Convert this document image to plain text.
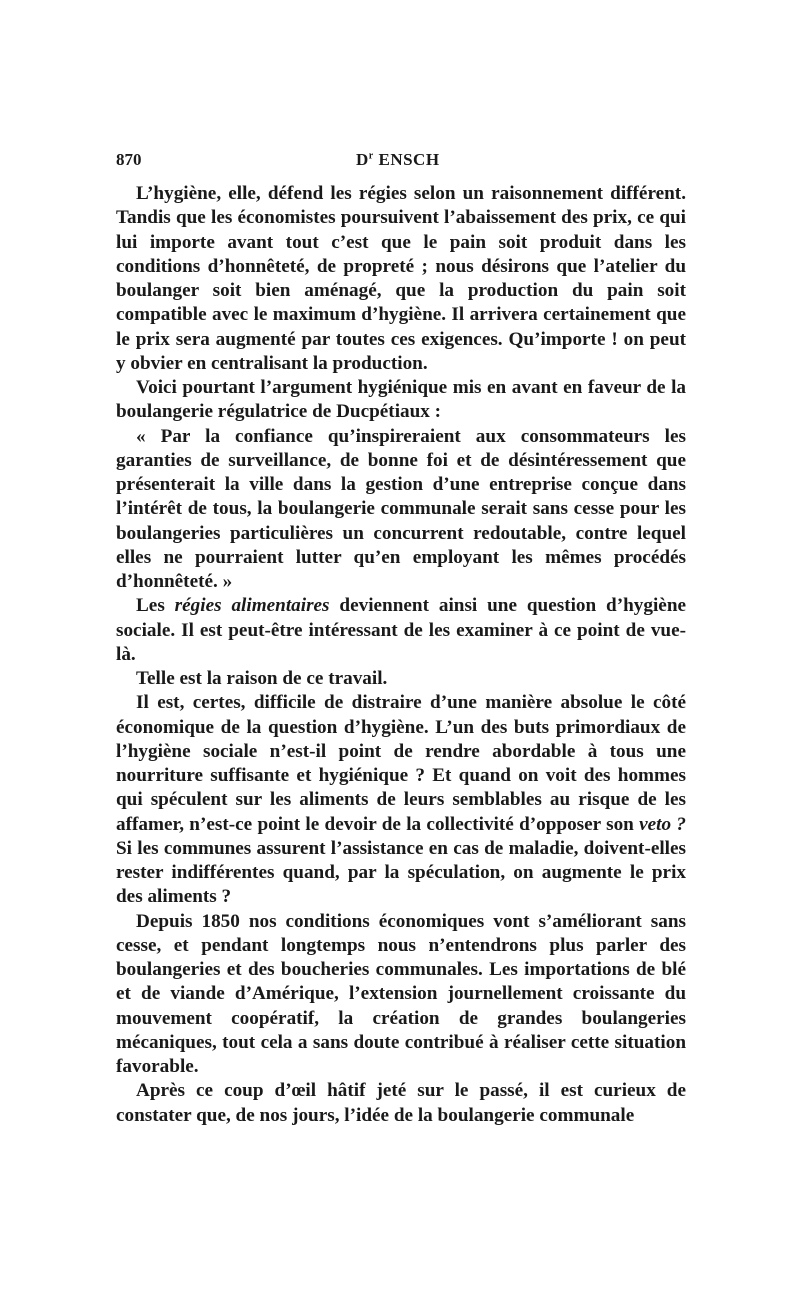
870	$D^r$ ENSCH

L’hygiène, elle, défend les régies selon un raisonnement différent. Tandis que les économistes poursuivent l’abaissement des prix, ce qui lui importe avant tout c’est que le pain soit produit dans les conditions d’honnêteté, de propreté ; nous désirons que l’atelier du boulanger soit bien aménagé, que la production du pain soit compatible avec le maximum d’hygiène. Il arrivera certainement que le prix sera augmenté par toutes ces exigences. Qu’importe ! on peut y obvier en centralisant la production.

Voici pourtant l’argument hygiénique mis en avant en faveur de la boulangerie régulatrice de Ducpétiaux :

« Par la confiance qu’inspireraient aux consommateurs les garanties de surveillance, de bonne foi et de désintéressement que présenterait la ville dans la gestion d’une entreprise conçue dans l’intérêt de tous, la boulangerie communale serait sans cesse pour les boulangeries particulières un concurrent redoutable, contre lequel elles ne pourraient lutter qu’en employant les mêmes procédés d’honnêteté. »

Les régies alimentaires deviennent ainsi une question d’hygiène sociale. Il est peut-être intéressant de les examiner à ce point de vue-là.

Telle est la raison de ce travail.

Il est, certes, difficile de distraire d’une manière absolue le côté économique de la question d’hygiène. L’un des buts primordiaux de l’hygiène sociale n’est-il point de rendre abordable à tous une nourriture suffisante et hygiénique ? Et quand on voit des hommes qui spéculent sur les aliments de leurs semblables au risque de les affamer, n’est-ce point le devoir de la collectivité d’opposer son veto ? Si les communes assurent l’assistance en cas de maladie, doivent-elles rester indifférentes quand, par la spéculation, on augmente le prix des aliments ?

Depuis 1850 nos conditions économiques vont s’améliorant sans cesse, et pendant longtemps nous n’entendrons plus parler des boulangeries et des boucheries communales. Les importations de blé et de viande d’Amérique, l’extension journellement croissante du mouvement coopératif, la création de grandes boulangeries mécaniques, tout cela a sans doute contribué à réaliser cette situation favorable.

Après ce coup d’œil hâtif jeté sur le passé, il est curieux de constater que, de nos jours, l’idée de la boulangerie communale
